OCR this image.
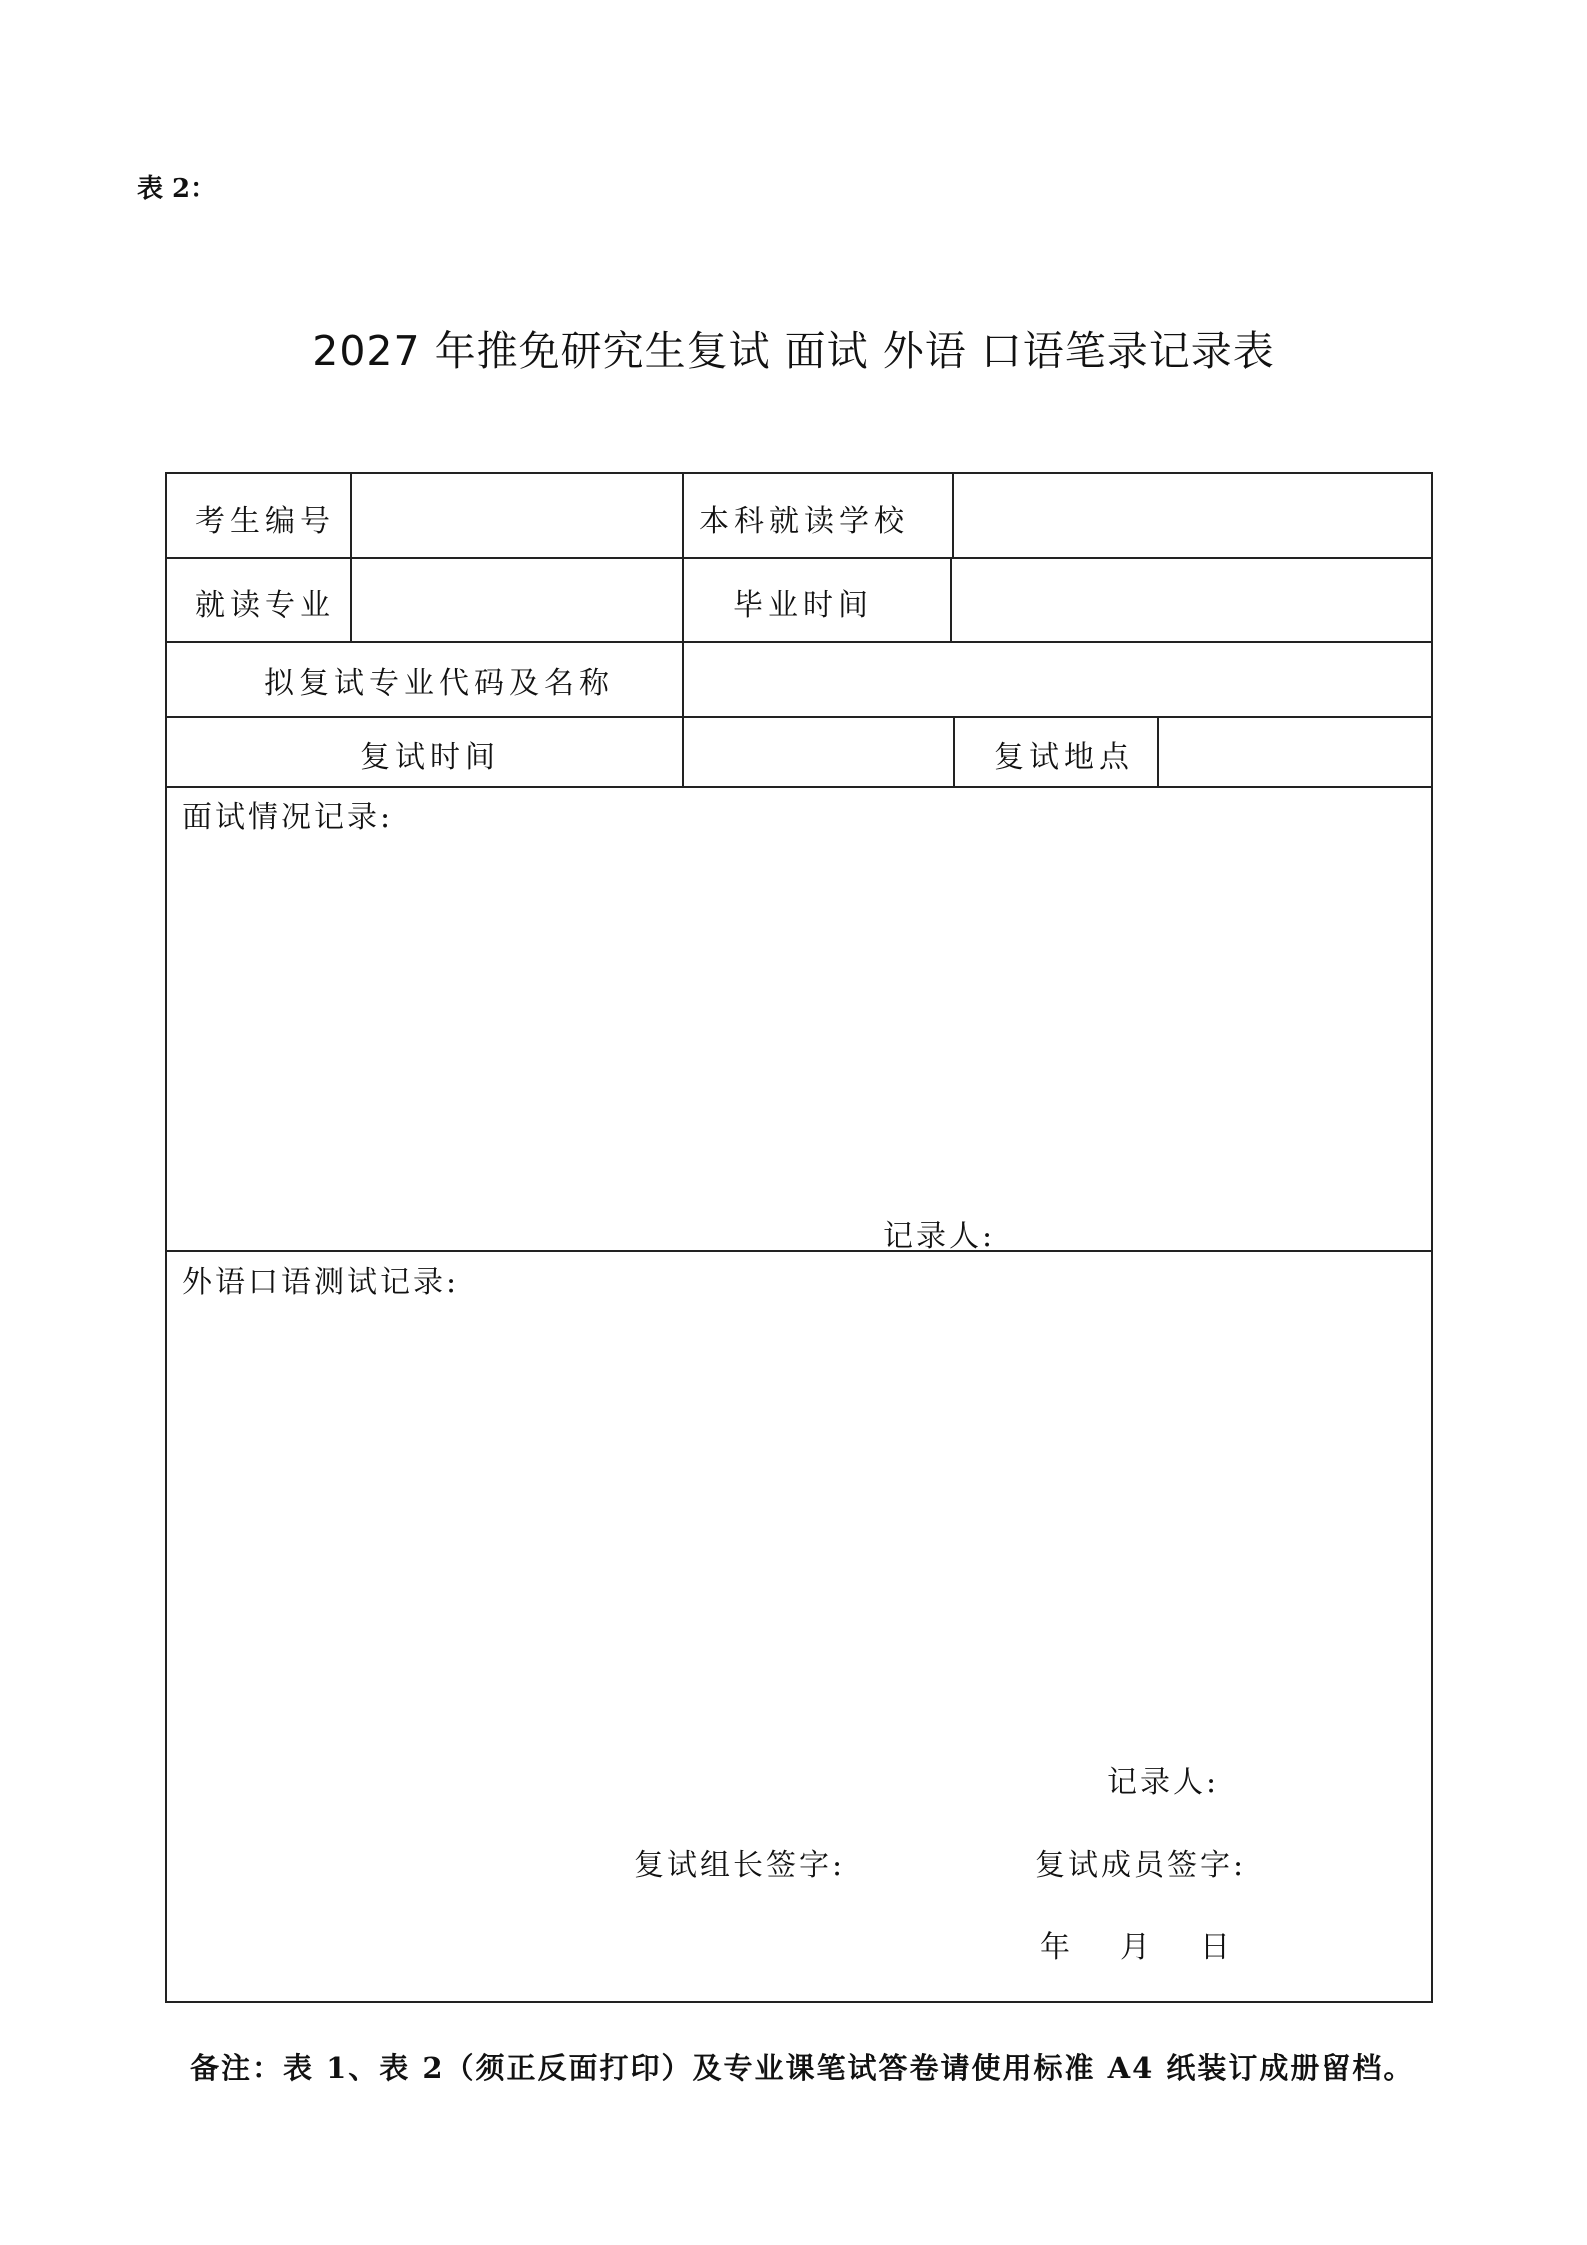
表 2：
2027 年推免研究生复试 面试 外语 口语笔录记录表
考生编号	本科就读学校
就读专业	毕业时间
拟复试专业代码及名称
复试时间	复试地点
面试情况记录:
记录人:
外语口语测试记录:
记录人:
复试组长签字:	复试成员签字:
年 月 日
备注：表 1、表 2（须正反面打印）及专业课笔试答卷请使用标准 A4 纸装订成册留档。
